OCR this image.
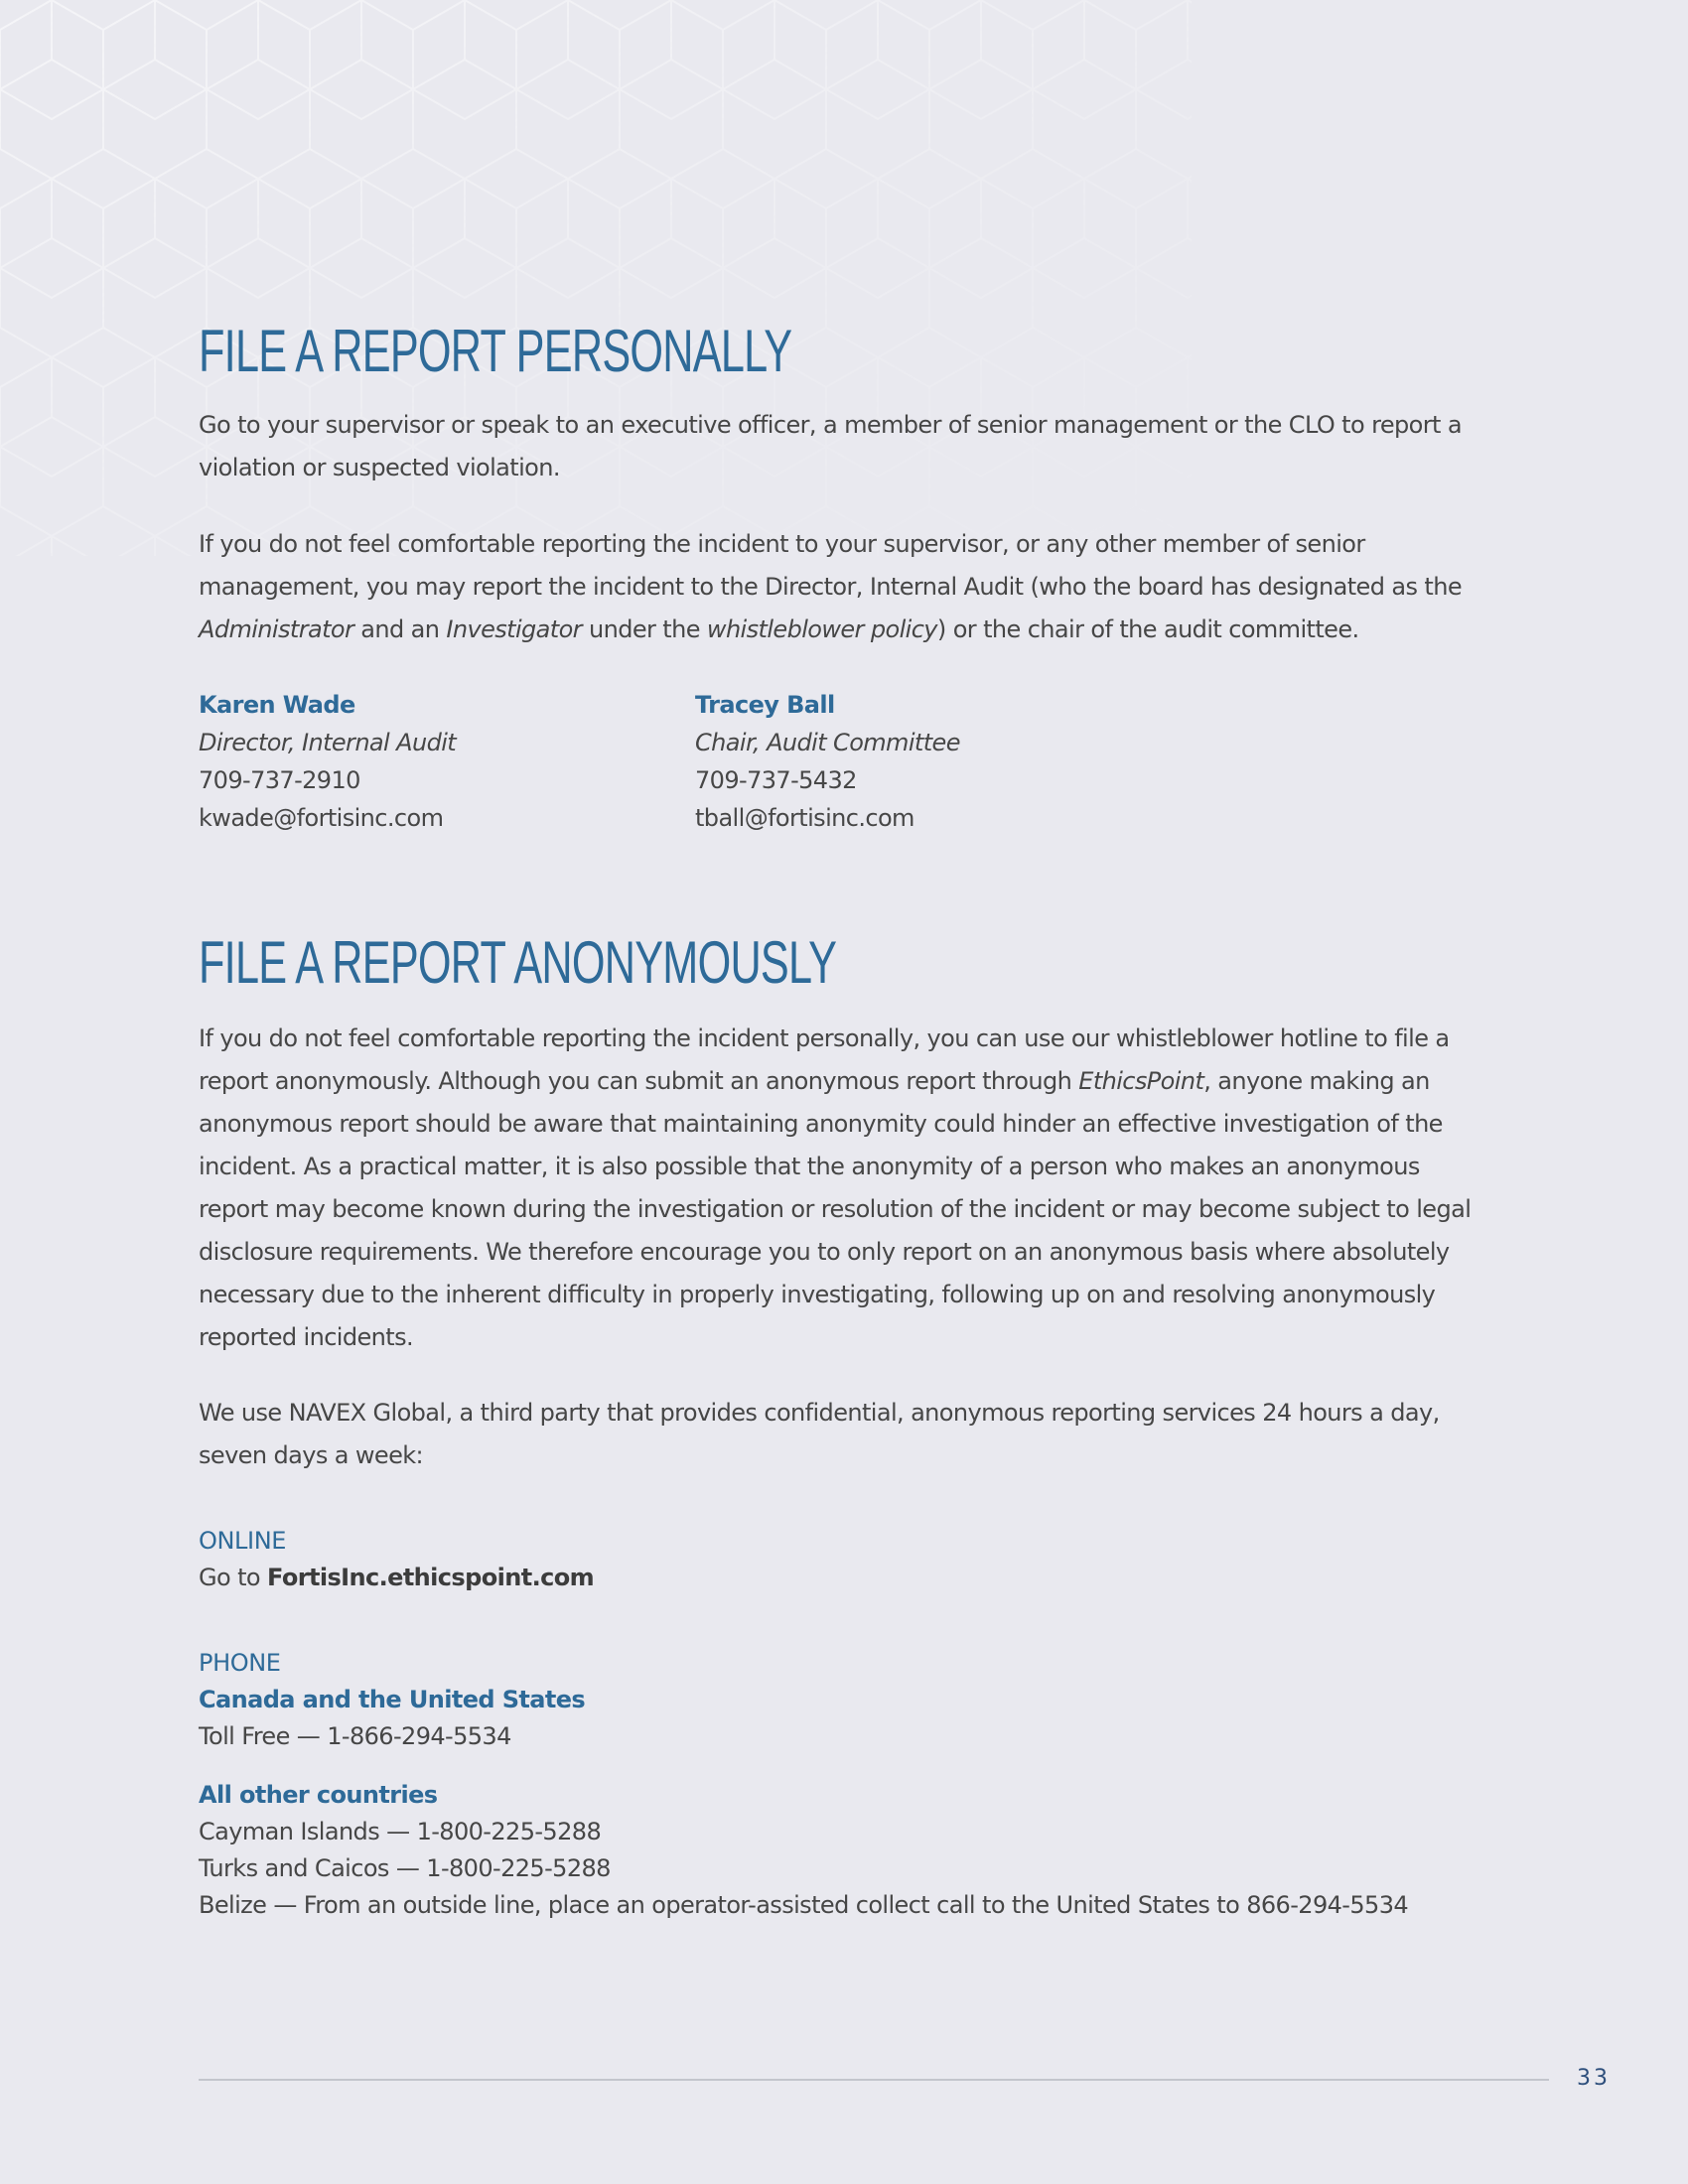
FILE A REPORT PERSONALLY

Go to your supervisor or speak to an executive officer, a member of senior management or the CLO to report a violation or suspected violation.

If you do not feel comfortable reporting the incident to your supervisor, or any other member of senior management, you may report the incident to the Director, Internal Audit (who the board has designated as the Administrator and an Investigator under the whistleblower policy) or the chair of the audit committee.

Karen Wade
Director, Internal Audit
709-737-2910
kwade@fortisinc.com
Tracey Ball
Chair, Audit Committee
709-737-5432
tball@fortisinc.com
FILE A REPORT ANONYMOUSLY

If you do not feel comfortable reporting the incident personally, you can use our whistleblower hotline to file a report anonymously. Although you can submit an anonymous report through EthicsPoint, anyone making an anonymous report should be aware that maintaining anonymity could hinder an effective investigation of the incident. As a practical matter, it is also possible that the anonymity of a person who makes an anonymous report may become known during the investigation or resolution of the incident or may become subject to legal disclosure requirements. We therefore encourage you to only report on an anonymous basis where absolutely necessary due to the inherent difficulty in properly investigating, following up on and resolving anonymously reported incidents.

We use NAVEX Global, a third party that provides confidential, anonymous reporting services 24 hours a day, seven days a week:

ONLINE
Go to FortisInc.ethicspoint.com
PHONE
Canada and the United States
Toll Free — 1-866-294-5534
All other countries
Cayman Islands — 1-800-225-5288
Turks and Caicos — 1-800-225-5288
Belize — From an outside line, place an operator-assisted collect call to the United States to 866-294-5534
33
